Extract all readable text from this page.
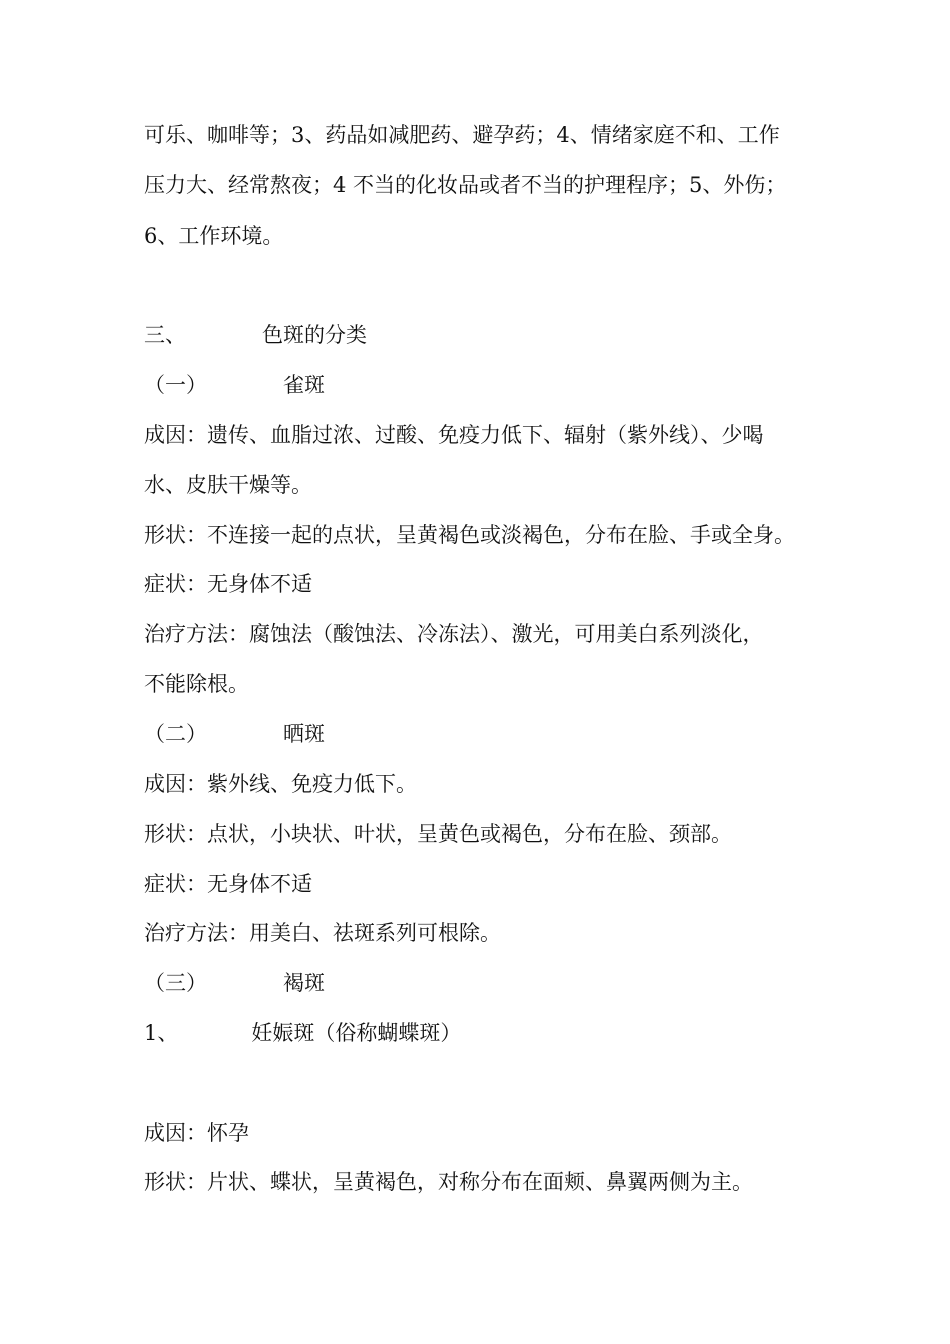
可乐、咖啡等；3、药品如减肥药、避孕药；4、情绪家庭不和、工作
压力大、经常熬夜；4 不当的化妆品或者不当的护理程序；5、外伤；
6、工作环境。
三、	色斑的分类
（一）	雀斑
成因：遗传、血脂过浓、过酸、免疫力低下、辐射（紫外线）、少喝
水、皮肤干燥等。
形状：不连接一起的点状，呈黄褐色或淡褐色，分布在脸、手或全身。
症状：无身体不适
治疗方法：腐蚀法（酸蚀法、冷冻法）、激光，可用美白系列淡化，
不能除根。
（二）	晒斑
成因：紫外线、免疫力低下。
形状：点状，小块状、叶状，呈黄色或褐色，分布在脸、颈部。
症状：无身体不适
治疗方法：用美白、祛斑系列可根除。
（三）	褐斑
1、	妊娠斑（俗称蝴蝶斑）
成因：怀孕
形状：片状、蝶状，呈黄褐色，对称分布在面颊、鼻翼两侧为主。
